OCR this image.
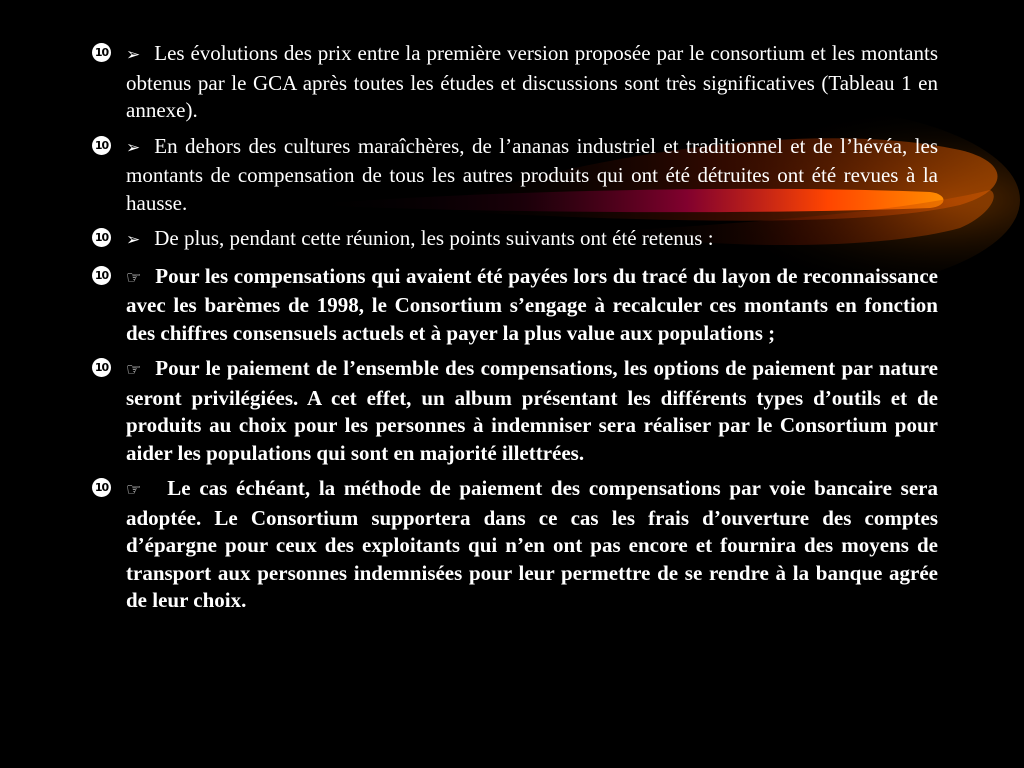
10 ➢ Les évolutions des prix entre la première version proposée par le consortium et les montants obtenus par le GCA après toutes les études et discussions sont très significatives (Tableau 1 en annexe).
10 ➢ En dehors des cultures maraîchères, de l’ananas industriel et traditionnel et de l’hévéa, les montants de compensation de tous les autres produits qui ont été détruites ont été revues à la hausse.
10 ➢ De plus, pendant cette réunion, les points suivants ont été retenus :
10 ☞ Pour les compensations qui avaient été payées lors du tracé du layon de reconnaissance avec les barèmes de 1998, le Consortium s’engage à recalculer ces montants en fonction des chiffres consensuels actuels et à payer la plus value aux populations ;
10 ☞ Pour le paiement de l’ensemble des compensations, les options de paiement par nature seront privilégiées. A cet effet, un album présentant les différents types d’outils et de produits au choix pour les personnes à indemniser sera réaliser par le Consortium pour aider les populations qui sont en majorité illettrées.
10 ☞ Le cas échéant, la méthode de paiement des compensations par voie bancaire sera adoptée. Le Consortium supportera dans ce cas les frais d’ouverture des comptes d’épargne pour ceux des exploitants qui n’en ont pas encore et fournira des moyens de transport aux personnes indemnisées pour leur permettre de se rendre à la banque agrée de leur choix.
